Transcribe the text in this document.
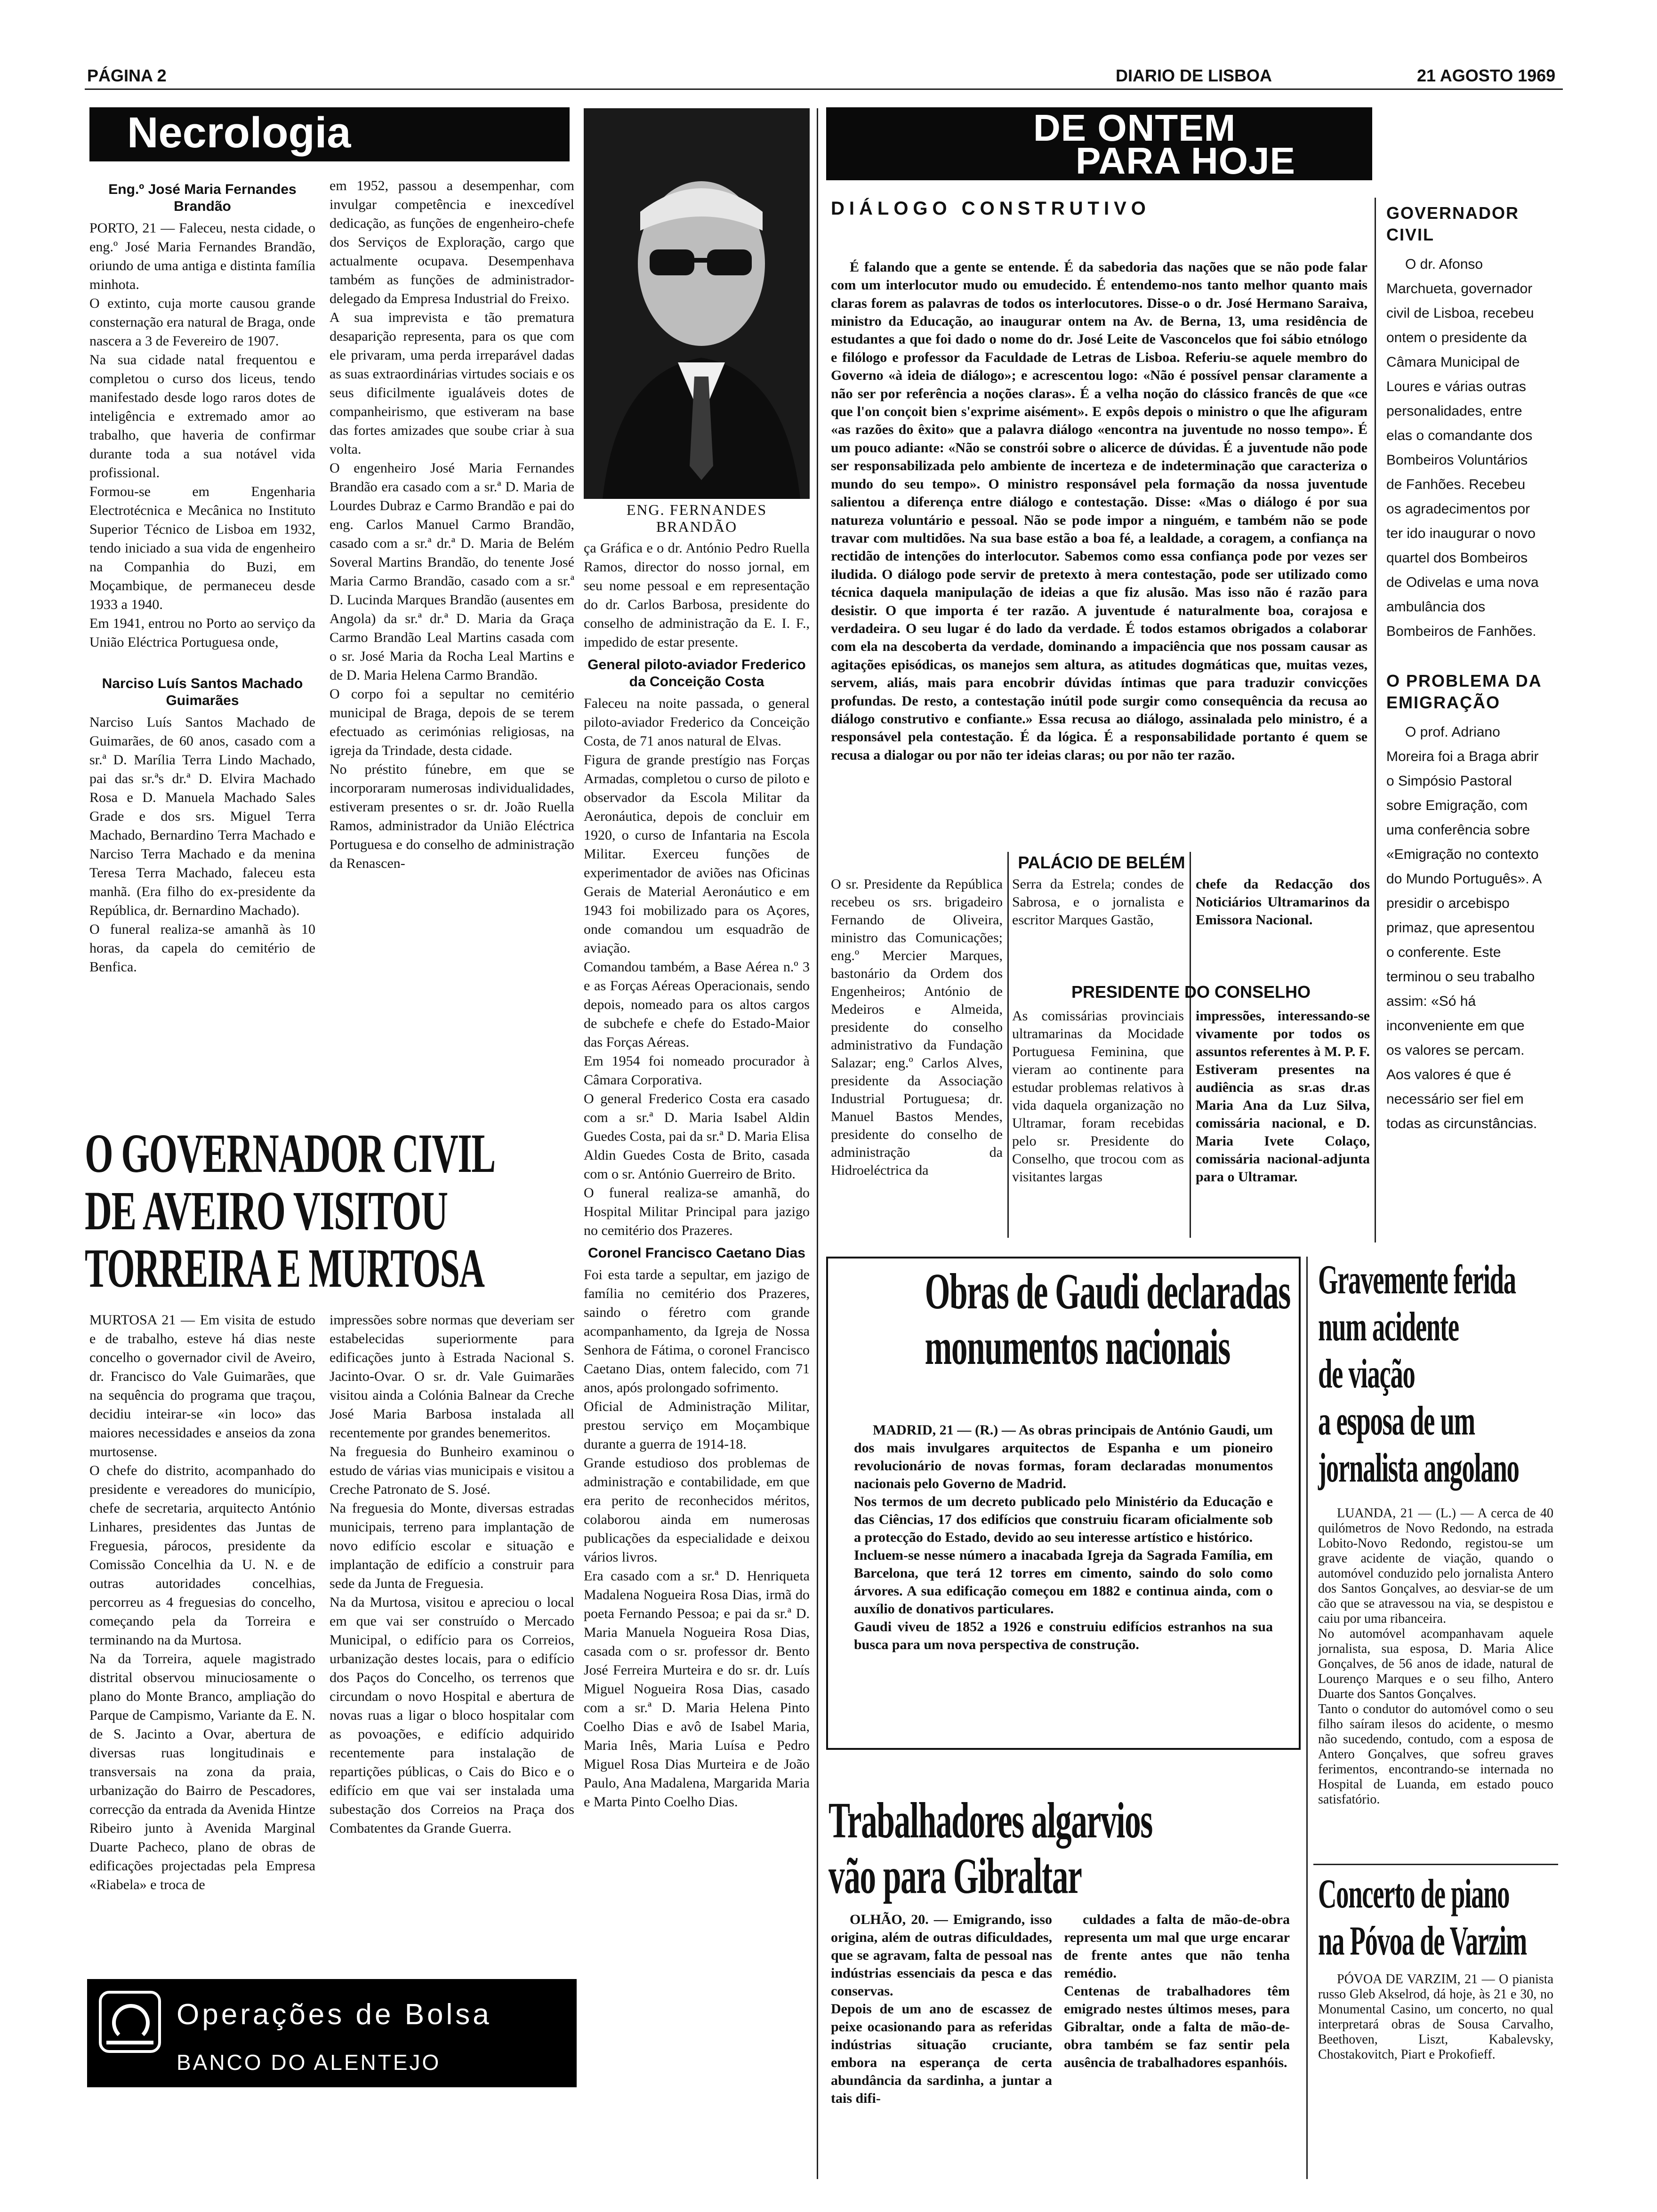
PÁGINA 2	DIARIO DE LISBOA	21 AGOSTO 1969
Necrologia
Eng.º José Maria Fernandes Brandão
PORTO, 21 — Faleceu, nesta cidade, o eng.º José Maria Fernandes Brandão, oriundo de uma antiga e distinta família minhota.
O extinto, cuja morte causou grande consternação era natural de Braga, onde nascera a 3 de Fevereiro de 1907.
Na sua cidade natal frequentou e completou o curso dos liceus, tendo manifestado desde logo raros dotes de inteligência e extremado amor ao trabalho, que haveria de confirmar durante toda a sua notável vida profissional.
Formou-se em Engenharia Electrotécnica e Mecânica no Instituto Superior Técnico de Lisboa em 1932, tendo iniciado a sua vida de engenheiro na Companhia do Buzi, em Moçambique, de permaneceu desde 1933 a 1940.
Em 1941, entrou no Porto ao serviço da União Eléctrica Portuguesa onde,
Narciso Luís Santos Machado Guimarães
Narciso Luís Santos Machado de Guimarães, de 60 anos, casado com a sr.ª D. Marília Terra Lindo Machado, pai das sr.ªs dr.ª D. Elvira Machado Rosa e D. Manuela Machado Sales Grade e dos srs. Miguel Terra Machado, Bernardino Terra Machado e Narciso Terra Machado e da menina Teresa Terra Machado, faleceu esta manhã. (Era filho do ex-presidente da República, dr. Bernardino Machado).
O funeral realiza-se amanhã às 10 horas, da capela do cemitério de Benfica.
em 1952, passou a desempenhar, com invulgar competência e inexcedível dedicação, as funções de engenheiro-chefe dos Serviços de Exploração, cargo que actualmente ocupava. Desempenhava também as funções de administrador-delegado da Empresa Industrial do Freixo.
A sua imprevista e tão prematura desaparição representa, para os que com ele privaram, uma perda irreparável dadas as suas extraordinárias virtudes sociais e os seus dificilmente igualáveis dotes de companheirismo, que estiveram na base das fortes amizades que soube criar à sua volta.
O engenheiro José Maria Fernandes Brandão era casado com a sr.ª D. Maria de Lourdes Dubraz e Carmo Brandão e pai do eng. Carlos Manuel Carmo Brandão, casado com a sr.ª dr.ª D. Maria de Belém Soveral Martins Brandão, do tenente José Maria Carmo Brandão, casado com a sr.ª D. Lucinda Marques Brandão (ausentes em Angola) da sr.ª dr.ª D. Maria da Graça Carmo Brandão Leal Martins casada com o sr. José Maria da Rocha Leal Martins e de D. Maria Helena Carmo Brandão.
O corpo foi a sepultar no cemitério municipal de Braga, depois de se terem efectuado as cerimónias religiosas, na igreja da Trindade, desta cidade.
No préstito fúnebre, em que se incorporaram numerosas individualidades, estiveram presentes o sr. dr. João Ruella Ramos, administrador da União Eléctrica Portuguesa e do conselho de administração da Renascen-
ENG. FERNANDES
BRANDÃO
ça Gráfica e o dr. António Pedro Ruella Ramos, director do nosso jornal, em seu nome pessoal e em representação do dr. Carlos Barbosa, presidente do conselho de administração da E. I. F., impedido de estar presente.
General piloto-aviador Frederico da Conceição Costa
Faleceu na noite passada, o general piloto-aviador Frederico da Conceição Costa, de 71 anos natural de Elvas.
Figura de grande prestígio nas Forças Armadas, completou o curso de piloto e observador da Escola Militar da Aeronáutica, depois de concluir em 1920, o curso de Infantaria na Escola Militar. Exerceu funções de experimentador de aviões nas Oficinas Gerais de Material Aeronáutico e em 1943 foi mobilizado para os Açores, onde comandou um esquadrão de aviação.
Comandou também, a Base Aérea n.º 3 e as Forças Aéreas Operacionais, sendo depois, nomeado para os altos cargos de subchefe e chefe do Estado-Maior das Forças Aéreas.
Em 1954 foi nomeado procurador à Câmara Corporativa.
O general Frederico Costa era casado com a sr.ª D. Maria Isabel Aldin Guedes Costa, pai da sr.ª D. Maria Elisa Aldin Guedes Costa de Brito, casada com o sr. António Guerreiro de Brito.
O funeral realiza-se amanhã, do Hospital Militar Principal para jazigo no cemitério dos Prazeres.
Coronel Francisco Caetano Dias
Foi esta tarde a sepultar, em jazigo de família no cemitério dos Prazeres, saindo o féretro com grande acompanhamento, da Igreja de Nossa Senhora de Fátima, o coronel Francisco Caetano Dias, ontem falecido, com 71 anos, após prolongado sofrimento.
Oficial de Administração Militar, prestou serviço em Moçambique durante a guerra de 1914-18.
Grande estudioso dos problemas de administração e contabilidade, em que era perito de reconhecidos méritos, colaborou ainda em numerosas publicações da especialidade e deixou vários livros.
Era casado com a sr.ª D. Henriqueta Madalena Nogueira Rosa Dias, irmã do poeta Fernando Pessoa; e pai da sr.ª D. Maria Manuela Nogueira Rosa Dias, casada com o sr. professor dr. Bento José Ferreira Murteira e do sr. dr. Luís Miguel Nogueira Rosa Dias, casado com a sr.ª D. Maria Helena Pinto Coelho Dias e avô de Isabel Maria, Maria Inês, Maria Luísa e Pedro Miguel Rosa Dias Murteira e de João Paulo, Ana Madalena, Margarida Maria e Marta Pinto Coelho Dias.
O GOVERNADOR CIVIL
DE AVEIRO VISITOU
TORREIRA E MURTOSA
MURTOSA 21 — Em visita de estudo e de trabalho, esteve há dias neste concelho o governador civil de Aveiro, dr. Francisco do Vale Guimarães, que na sequência do programa que traçou, decidiu inteirar-se «in loco» das maiores necessidades e anseios da zona murtosense.
O chefe do distrito, acompanhado do presidente e vereadores do município, chefe de secretaria, arquitecto António Linhares, presidentes das Juntas de Freguesia, párocos, presidente da Comissão Concelhia da U. N. e de outras autoridades concelhias, percorreu as 4 freguesias do concelho, começando pela da Torreira e terminando na da Murtosa.
Na da Torreira, aquele magistrado distrital observou minuciosamente o plano do Monte Branco, ampliação do Parque de Campismo, Variante da E. N. de S. Jacinto a Ovar, abertura de diversas ruas longitudinais e transversais na zona da praia, urbanização do Bairro de Pescadores, correcção da entrada da Avenida Hintze Ribeiro junto à Avenida Marginal Duarte Pacheco, plano de obras de edificações projectadas pela Empresa «Riabela» e troca de
impressões sobre normas que deveriam ser estabelecidas superiormente para edificações junto à Estrada Nacional S. Jacinto-Ovar. O sr. dr. Vale Guimarães visitou ainda a Colónia Balnear da Creche José Maria Barbosa instalada all recentemente por grandes benemeritos.
Na freguesia do Bunheiro examinou o estudo de várias vias municipais e visitou a Creche Patronato de S. José.
Na freguesia do Monte, diversas estradas municipais, terreno para implantação de novo edifício escolar e situação e implantação de edifício a construir para sede da Junta de Freguesia.
Na da Murtosa, visitou e apreciou o local em que vai ser construído o Mercado Municipal, o edifício para os Correios, urbanização destes locais, para o edifício dos Paços do Concelho, os terrenos que circundam o novo Hospital e abertura de novas ruas a ligar o bloco hospitalar com as povoações, e edifício adquirido recentemente para instalação de repartições públicas, o Cais do Bico e o edifício em que vai ser instalada uma subestação dos Correios na Praça dos Combatentes da Grande Guerra.
Operações de Bolsa
BANCO DO ALENTEJO
DE ONTEM
PARA HOJE
DIÁLOGO CONSTRUTIVO

É falando que a gente se entende. É da sabedoria das nações que se não pode falar com um interlocutor mudo ou emudecido. É entendemo-nos tanto melhor quanto mais claras forem as palavras de todos os interlocutores. Disse-o o dr. José Hermano Saraiva, ministro da Educação, ao inaugurar ontem na Av. de Berna, 13, uma residência de estudantes a que foi dado o nome do dr. José Leite de Vasconcelos que foi sábio etnólogo e filólogo e professor da Faculdade de Letras de Lisboa. Referiu-se aquele membro do Governo «à ideia de diálogo»; e acrescentou logo: «Não é possível pensar claramente a não ser por referência a noções claras». É a velha noção do clássico francês de que «ce que l'on conçoit bien s'exprime aisément». E expôs depois o ministro o que lhe afiguram «as razões do êxito» que a palavra diálogo «encontra na juventude no nosso tempo». É um pouco adiante: «Não se constrói sobre o alicerce de dúvidas. É a juventude não pode ser responsabilizada pelo ambiente de incerteza e de indeterminação que caracteriza o mundo do seu tempo». O ministro responsável pela formação da nossa juventude salientou a diferença entre diálogo e contestação. Disse: «Mas o diálogo é por sua natureza voluntário e pessoal. Não se pode impor a ninguém, e também não se pode travar com multidões. Na sua base estão a boa fé, a lealdade, a coragem, a confiança na rectidão de intenções do interlocutor. Sabemos como essa confiança pode por vezes ser iludida. O diálogo pode servir de pretexto à mera contestação, pode ser utilizado como técnica daquela manipulação de ideias a que fiz alusão. Mas isso não é razão para desistir. O que importa é ter razão. A juventude é naturalmente boa, corajosa e verdadeira. O seu lugar é do lado da verdade. É todos estamos obrigados a colaborar com ela na descoberta da verdade, dominando a impaciência que nos possam causar as agitações episódicas, os manejos sem altura, as atitudes dogmáticas que, muitas vezes, servem, aliás, mais para encobrir dúvidas íntimas que para traduzir convicções profundas. De resto, a contestação inútil pode surgir como consequência da recusa ao diálogo construtivo e confiante.» Essa recusa ao diálogo, assinalada pelo ministro, é a responsável pela contestação. É da lógica. É a responsabilidade portanto é quem se recusa a dialogar ou por não ter ideias claras; ou por não ter razão.

PALÁCIO DE BELÉM
O sr. Presidente da República recebeu os srs. brigadeiro Fernando de Oliveira, ministro das Comunicações; eng.º Mercier Marques, bastonário da Ordem dos Engenheiros; António de Medeiros e Almeida, presidente do conselho administrativo da Fundação Salazar; eng.º Carlos Alves, presidente da Associação Industrial Portuguesa; dr. Manuel Bastos Mendes, presidente do conselho de administração da Hidroeléctrica da
Serra da Estrela; condes de Sabrosa, e o jornalista e escritor Marques Gastão,

chefe da Redacção dos Noticiários Ultramarinos da Emissora Nacional.

PRESIDENTE DO CONSELHO
As comissárias provinciais ultramarinas da Mocidade Portuguesa Feminina, que vieram ao continente para estudar problemas relativos à vida daquela organização no Ultramar, foram recebidas pelo sr. Presidente do Conselho, que trocou com as visitantes largas

impressões, interessando-se vivamente por todos os assuntos referentes à M. P. F. Estiveram presentes na audiência as sr.as dr.as Maria Ana da Luz Silva, comissária nacional, e D. Maria Ivete Colaço, comissária nacional-adjunta para o Ultramar.

GOVERNADOR CIVIL

O dr. Afonso Marchueta, governador civil de Lisboa, recebeu ontem o presidente da Câmara Municipal de Loures e várias outras personalidades, entre elas o comandante dos Bombeiros Voluntários de Fanhões. Recebeu os agradecimentos por ter ido inaugurar o novo quartel dos Bombeiros de Odivelas e uma nova ambulância dos Bombeiros de Fanhões.

O PROBLEMA DA EMIGRAÇÃO

O prof. Adriano Moreira foi a Braga abrir o Simpósio Pastoral sobre Emigração, com uma conferência sobre «Emigração no contexto do Mundo Português». A presidir o arcebispo primaz, que apresentou o conferente. Este terminou o seu trabalho assim: «Só há inconveniente em que os valores se percam. Aos valores é que é necessário ser fiel em todas as circunstâncias.

Obras de Gaudi declaradas
monumentos nacionais

MADRID, 21 — (R.) — As obras principais de António Gaudi, um dos mais invulgares arquitectos de Espanha e um pioneiro revolucionário de novas formas, foram declaradas monumentos nacionais pelo Governo de Madrid.
Nos termos de um decreto publicado pelo Ministério da Educação e das Ciências, 17 dos edifícios que construiu ficaram oficialmente sob a protecção do Estado, devido ao seu interesse artístico e histórico.
Incluem-se nesse número a inacabada Igreja da Sagrada Família, em Barcelona, que terá 12 torres em cimento, saindo do solo como árvores. A sua edificação começou em 1882 e continua ainda, com o auxílio de donativos particulares.
Gaudi viveu de 1852 a 1926 e construiu edifícios estranhos na sua busca para um nova perspectiva de construção.

Trabalhadores algarvios
vão para Gibraltar

OLHÃO, 20. — Emigrando, isso origina, além de outras dificuldades, que se agravam, falta de pessoal nas indústrias essenciais da pesca e das conservas.
Depois de um ano de escassez de peixe ocasionando para as referidas indústrias situação cruciante, embora na esperança de certa abundância da sardinha, a juntar a tais difi-

culdades a falta de mão-de-obra representa um mal que urge encarar de frente antes que não tenha remédio.
Centenas de trabalhadores têm emigrado nestes últimos meses, para Gibraltar, onde a falta de mão-de-obra também se faz sentir pela ausência de trabalhadores espanhóis.

Gravemente ferida
num acidente
de viação
a esposa de um
jornalista angolano

LUANDA, 21 — (L.) — A cerca de 40 quilómetros de Novo Redondo, na estrada Lobito-Novo Redondo, registou-se um grave acidente de viação, quando o automóvel conduzido pelo jornalista Antero dos Santos Gonçalves, ao desviar-se de um cão que se atravessou na via, se despistou e caiu por uma ribanceira.
No automóvel acompanhavam aquele jornalista, sua esposa, D. Maria Alice Gonçalves, de 56 anos de idade, natural de Lourenço Marques e o seu filho, Antero Duarte dos Santos Gonçalves.
Tanto o condutor do automóvel como o seu filho saíram ilesos do acidente, o mesmo não sucedendo, contudo, com a esposa de Antero Gonçalves, que sofreu graves ferimentos, encontrando-se internada no Hospital de Luanda, em estado pouco satisfatório.

Concerto de piano
na Póvoa de Varzim

PÓVOA DE VARZIM, 21 — O pianista russo Gleb Akselrod, dá hoje, às 21 e 30, no Monumental Casino, um concerto, no qual interpretará obras de Sousa Carvalho, Beethoven, Liszt, Kabalevsky, Chostakovitch, Piart e Prokofieff.
